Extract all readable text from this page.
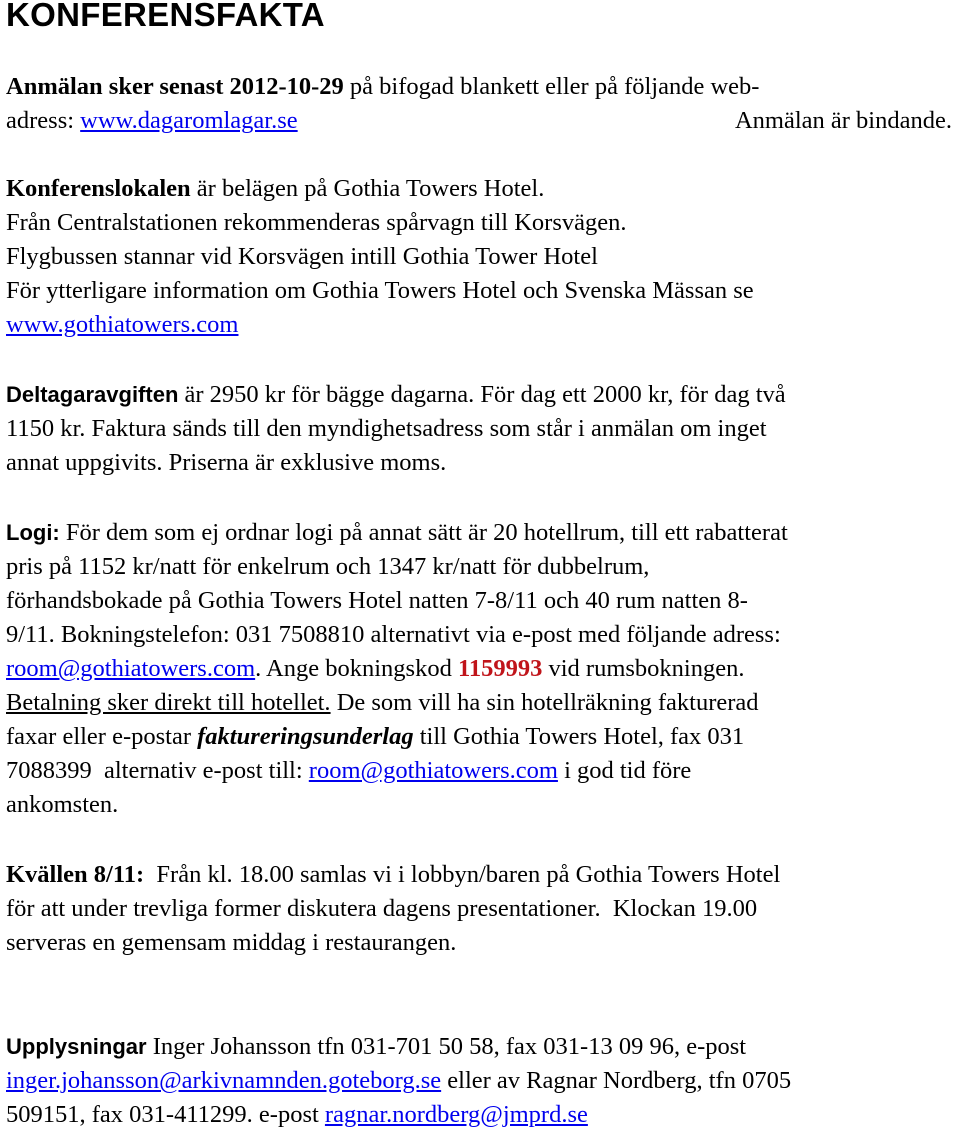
KONFERENSFAKTA
Anmälan sker senast 2012-10-29 på bifogad blankett eller på följande web-
adress: www.dagaromlagar.se	Anmälan är bindande.
Konferenslokalen är belägen på Gothia Towers Hotel.
Från Centralstationen rekommenderas spårvagn till Korsvägen.
Flygbussen stannar vid Korsvägen intill Gothia Tower Hotel
För ytterligare information om Gothia Towers Hotel och Svenska Mässan se
www.gothiatowers.com
Deltagaravgiften är 2950 kr för bägge dagarna. För dag ett 2000 kr, för dag två
1150 kr. Faktura sänds till den myndighetsadress som står i anmälan om inget
annat uppgivits. Priserna är exklusive moms.
Logi: För dem som ej ordnar logi på annat sätt är 20 hotellrum, till ett rabatterat
pris på 1152 kr/natt för enkelrum och 1347 kr/natt för dubbelrum,
förhandsbokade på Gothia Towers Hotel natten 7-8/11 och 40 rum natten 8-
9/11. Bokningstelefon: 031 7508810 alternativt via e-post med följande adress:
room@gothiatowers.com. Ange bokningskod 1159993 vid rumsbokningen.
Betalning sker direkt till hotellet. De som vill ha sin hotellräkning fakturerad
faxar eller e-postar faktureringsunderlag till Gothia Towers Hotel, fax 031
7088399  alternativ e-post till: room@gothiatowers.com i god tid före
ankomsten.
Kvällen 8/11:  Från kl. 18.00 samlas vi i lobbyn/baren på Gothia Towers Hotel
för att under trevliga former diskutera dagens presentationer.  Klockan 19.00
serveras en gemensam middag i restaurangen.
Upplysningar Inger Johansson tfn 031-701 50 58, fax 031-13 09 96, e-post
inger.johansson@arkivnamnden.goteborg.se eller av Ragnar Nordberg, tfn 0705
509151, fax 031-411299. e-post ragnar.nordberg@jmprd.se
